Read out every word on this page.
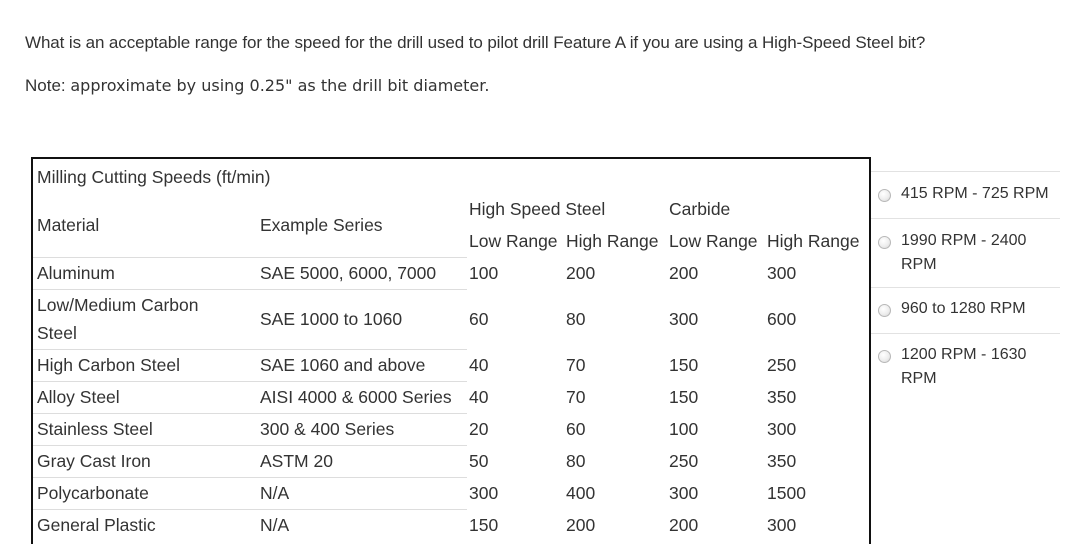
What is an acceptable range for the speed for the drill used to pilot drill Feature A if you are using a High-Speed Steel bit?
Note: approximate by using 0.25" as the drill bit diameter.
Milling Cutting Speeds (ft/min)
Material	Example Series
High Speed Steel	Carbide
Low Range High Range Low Range High Range
Aluminum	SAE 5000, 6000, 7000 100	200	200	300
Low/Medium Carbon
Steel
SAE 1000 to 1060	60	80	300	600
High Carbon Steel	SAE 1060 and above 40	70	150	250
Alloy Steel	AISI 4000 & 6000 Series 40	70	150	350
Stainless Steel	300 & 400 Series	20	60	100	300
Gray Cast Iron	ASTM 20	50	80	250	350
Polycarbonate	N/A	300	400	300	1500
General Plastic	N/A	150	200	200	300
415 RPM - 725 RPM
1990 RPM - 2400
RPM
960 to 1280 RPM
1200 RPM - 1630
RPM
